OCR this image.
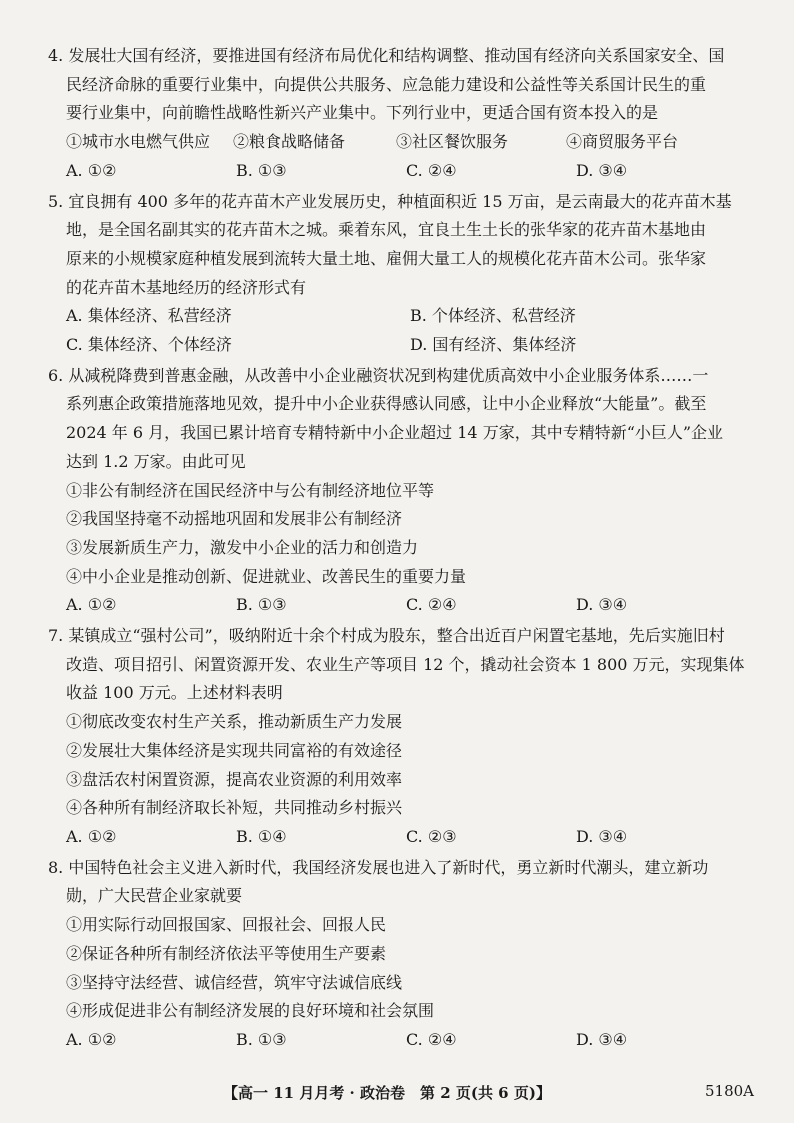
4. 发展壮大国有经济，要推进国有经济布局优化和结构调整、推动国有经济向关系国家安全、国
民经济命脉的重要行业集中，向提供公共服务、应急能力建设和公益性等关系国计民生的重
要行业集中，向前瞻性战略性新兴产业集中。下列行业中，更适合国有资本投入的是
①城市水电燃气供应	②粮食战略储备	③社区餐饮服务	④商贸服务平台
A. ①②	B. ①③	C. ②④	D. ③④
5. 宜良拥有 400 多年的花卉苗木产业发展历史，种植面积近 15 万亩，是云南最大的花卉苗木基
地，是全国名副其实的花卉苗木之城。乘着东风，宜良土生土长的张华家的花卉苗木基地由
原来的小规模家庭种植发展到流转大量土地、雇佣大量工人的规模化花卉苗木公司。张华家
的花卉苗木基地经历的经济形式有
A. 集体经济、私营经济	B. 个体经济、私营经济
C. 集体经济、个体经济	D. 国有经济、集体经济
6. 从减税降费到普惠金融，从改善中小企业融资状况到构建优质高效中小企业服务体系……一
系列惠企政策措施落地见效，提升中小企业获得感认同感，让中小企业释放“大能量”。截至
2024 年 6 月，我国已累计培育专精特新中小企业超过 14 万家，其中专精特新“小巨人”企业
达到 1.2 万家。由此可见
①非公有制经济在国民经济中与公有制经济地位平等
②我国坚持毫不动摇地巩固和发展非公有制经济
③发展新质生产力，激发中小企业的活力和创造力
④中小企业是推动创新、促进就业、改善民生的重要力量
A. ①②	B. ①③	C. ②④	D. ③④
7. 某镇成立“强村公司”，吸纳附近十余个村成为股东，整合出近百户闲置宅基地，先后实施旧村
改造、项目招引、闲置资源开发、农业生产等项目 12 个，撬动社会资本 1 800 万元，实现集体
收益 100 万元。上述材料表明
①彻底改变农村生产关系，推动新质生产力发展
②发展壮大集体经济是实现共同富裕的有效途径
③盘活农村闲置资源，提高农业资源的利用效率
④各种所有制经济取长补短，共同推动乡村振兴
A. ①②	B. ①④	C. ②③	D. ③④
8. 中国特色社会主义进入新时代，我国经济发展也进入了新时代，勇立新时代潮头，建立新功
勋，广大民营企业家就要
①用实际行动回报国家、回报社会、回报人民
②保证各种所有制经济依法平等使用生产要素
③坚持守法经营、诚信经营，筑牢守法诚信底线
④形成促进非公有制经济发展的良好环境和社会氛围
A. ①②	B. ①③	C. ②④	D. ③④
【高一 11 月月考 · 政治卷　第 2 页(共 6 页)】	5180A
